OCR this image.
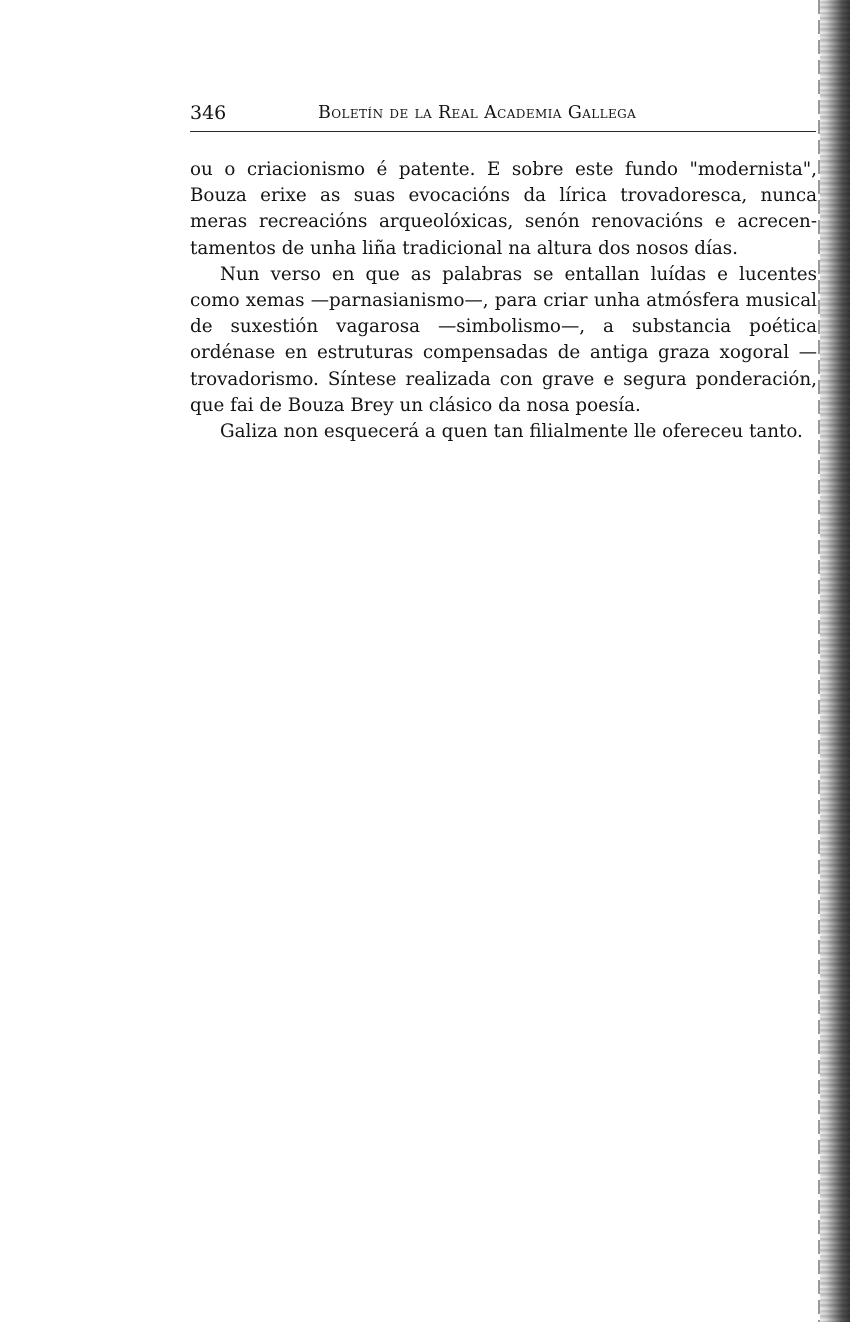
346	Boletín de la Real Academia Gallega

ou o criacionismo é patente. E sobre este fundo "modernista", Bouza erixe as suas evocacións da lírica trovadoresca, nunca meras recreacións arqueolóxicas, senón renovacións e acrecentamentos de unha liña tradicional na altura dos nosos días.

Nun verso en que as palabras se entallan luídas e lucentes como xemas —parnasianismo—, para criar unha atmósfera musical de suxestión vagarosa —simbolismo—, a substancia poética ordénase en estruturas compensadas de antiga graza xogoral —trovadorismo. Síntese realizada con grave e segura ponderación, que fai de Bouza Brey un clásico da nosa poesía.

Galiza non esquecerá a quen tan filialmente lle ofereceu tanto.
